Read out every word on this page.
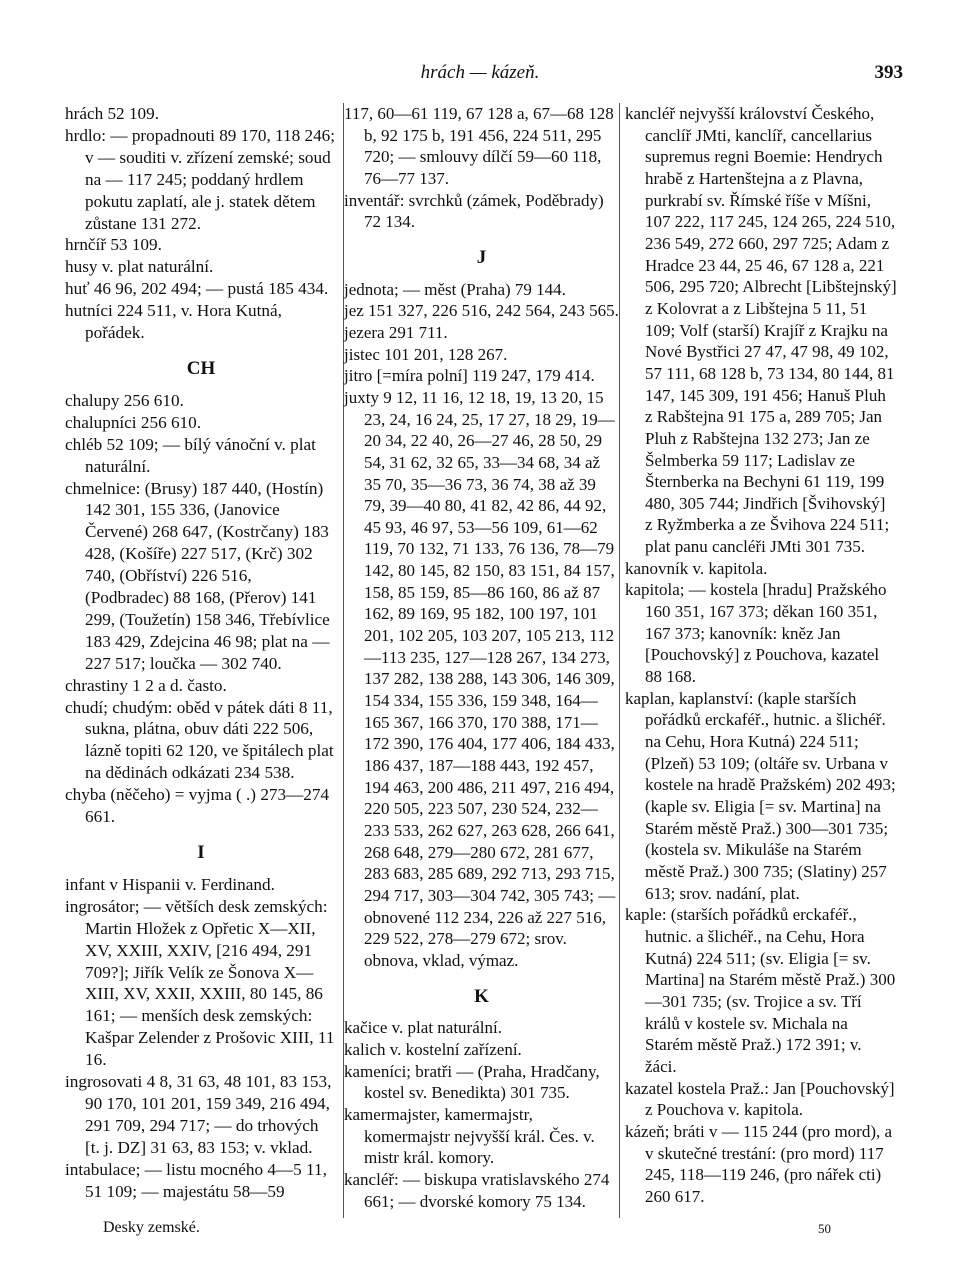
hrách — kázeň.	393
hrách 52 109.
hrdlo: — propadnouti 89 170, 118 246; v — souditi v. zřízení zemské; soud na — 117 245; poddaný hrdlem pokutu zaplatí, ale j. statek dětem zůstane 131 272.
hrnčíř 53 109.
husy v. plat naturální.
huť 46 96, 202 494; — pustá 185 434.
hutníci 224 511, v. Hora Kutná, pořádek.
CH
chalupy 256 610.
chalupníci 256 610.
chléb 52 109; — bílý vánoční v. plat naturální.
chmelnice: (Brusy) 187 440, (Hostín) 142 301, 155 336, (Janovice Červené) 268 647, (Kostrčany) 183 428, (Košíře) 227 517, (Krč) 302 740, (Obříství) 226 516, (Podbradec) 88 168, (Přerov) 141 299, (Toužetín) 158 346, Třebívlice 183 429, Zdejcina 46 98; plat na — 227 517; loučka — 302 740.
chrastiny 1 2 a d. často.
chudí; chudým: oběd v pátek dáti 8 11, sukna, plátna, obuv dáti 222 506, lázně topiti 62 120, ve špitálech plat na dědinách odkázati 234 538.
chyba (něčeho) = vyjma ( .) 273—274 661.
I
infant v Hispanii v. Ferdinand.
ingrosátor; — větších desk zemských: Martin Hložek z Opřetic X—XII, XV, XXIII, XXIV, [216 494, 291 709?]; Jiřík Velík ze Šonova X—XIII, XV, XXII, XXIII, 80 145, 86 161; — menších desk zemských: Kašpar Zelender z Prošovic XIII, 11 16.
ingrosovati 4 8, 31 63, 48 101, 83 153, 90 170, 101 201, 159 349, 216 494, 291 709, 294 717; — do trhových [t. j. DZ] 31 63, 83 153; v. vklad.
intabulace; — listu mocného 4—5 11, 51 109; — majestátu 58—59
117, 60—61 119, 67 128 a, 67—68 128 b, 92 175 b, 191 456, 224 511, 295 720; — smlouvy dílčí 59—60 118, 76—77 137.
inventář: svrchků (zámek, Poděbrady) 72 134.
J
jednota; — měst (Praha) 79 144.
jez 151 327, 226 516, 242 564, 243 565.
jezera 291 711.
jistec 101 201, 128 267.
jitro [=míra polní] 119 247, 179 414.
juxty 9 12, 11 16, 12 18, 19, 13 20, 15 23, 24, 16 24, 25, 17 27, 18 29, 19—20 34, 22 40, 26—27 46, 28 50, 29 54, 31 62, 32 65, 33—34 68, 34 až 35 70, 35—36 73, 36 74, 38 až 39 79, 39—40 80, 41 82, 42 86, 44 92, 45 93, 46 97, 53—56 109, 61—62 119, 70 132, 71 133, 76 136, 78—79 142, 80 145, 82 150, 83 151, 84 157, 158, 85 159, 85—86 160, 86 až 87 162, 89 169, 95 182, 100 197, 101 201, 102 205, 103 207, 105 213, 112—113 235, 127—128 267, 134 273, 137 282, 138 288, 143 306, 146 309, 154 334, 155 336, 159 348, 164—165 367, 166 370, 170 388, 171—172 390, 176 404, 177 406, 184 433, 186 437, 187—188 443, 192 457, 194 463, 200 486, 211 497, 216 494, 220 505, 223 507, 230 524, 232—233 533, 262 627, 263 628, 266 641, 268 648, 279—280 672, 281 677, 283 683, 285 689, 292 713, 293 715, 294 717, 303—304 742, 305 743; — obnovené 112 234, 226 až 227 516, 229 522, 278—279 672; srov. obnova, vklad, výmaz.
K
kačice v. plat naturální.
kalich v. kostelní zařízení.
kameníci; bratři — (Praha, Hradčany, kostel sv. Benedikta) 301 735.
kamermajster, kamermajstr, komermajstr nejvyšší král. Čes. v. mistr král. komory.
kancléř: — biskupa vratislavského 274 661; — dvorské komory 75 134.
kancléř nejvyšší království Českého, canclíř JMti, kanclíř, cancellarius supremus regni Boemie: Hendrych hrabě z Hartenštejna a z Plavna, purkrabí sv. Římské říše v Míšni, 107 222, 117 245, 124 265, 224 510, 236 549, 272 660, 297 725; Adam z Hradce 23 44, 25 46, 67 128 a, 221 506, 295 720; Albrecht [Libštejnský] z Kolovrat a z Libštejna 5 11, 51 109; Volf (starší) Krajíř z Krajku na Nové Bystřici 27 47, 47 98, 49 102, 57 111, 68 128 b, 73 134, 80 144, 81 147, 145 309, 191 456; Hanuš Pluh z Rabštejna 91 175 a, 289 705; Jan Pluh z Rabštejna 132 273; Jan ze Šelmberka 59 117; Ladislav ze Šternberka na Bechyni 61 119, 199 480, 305 744; Jindřich [Švihovský] z Ryžmberka a ze Švihova 224 511; plat panu cancléři JMti 301 735.
kanovník v. kapitola.
kapitola; — kostela [hradu] Pražského 160 351, 167 373; děkan 160 351, 167 373; kanovník: kněz Jan [Pouchovský] z Pouchova, kazatel 88 168.
kaplan, kaplanství: (kaple starších pořádků erckaféř., hutnic. a šlichéř. na Cehu, Hora Kutná) 224 511; (Plzeň) 53 109; (oltáře sv. Urbana v kostele na hradě Pražském) 202 493; (kaple sv. Eligia [= sv. Martina] na Starém městě Praž.) 300—301 735; (kostela sv. Mikuláše na Starém městě Praž.) 300 735; (Slatiny) 257 613; srov. nadání, plat.
kaple: (starších pořádků erckaféř., hutnic. a šlichéř., na Cehu, Hora Kutná) 224 511; (sv. Eligia [= sv. Martina] na Starém městě Praž.) 300—301 735; (sv. Trojice a sv. Tří králů v kostele sv. Michala na Starém městě Praž.) 172 391; v. žáci.
kazatel kostela Praž.: Jan [Pouchovský] z Pouchova v. kapitola.
kázeň; bráti v — 115 244 (pro mord), a v skutečné trestání: (pro mord) 117 245, 118—119 246, (pro nářek cti) 260 617.
Desky zemské.	50
